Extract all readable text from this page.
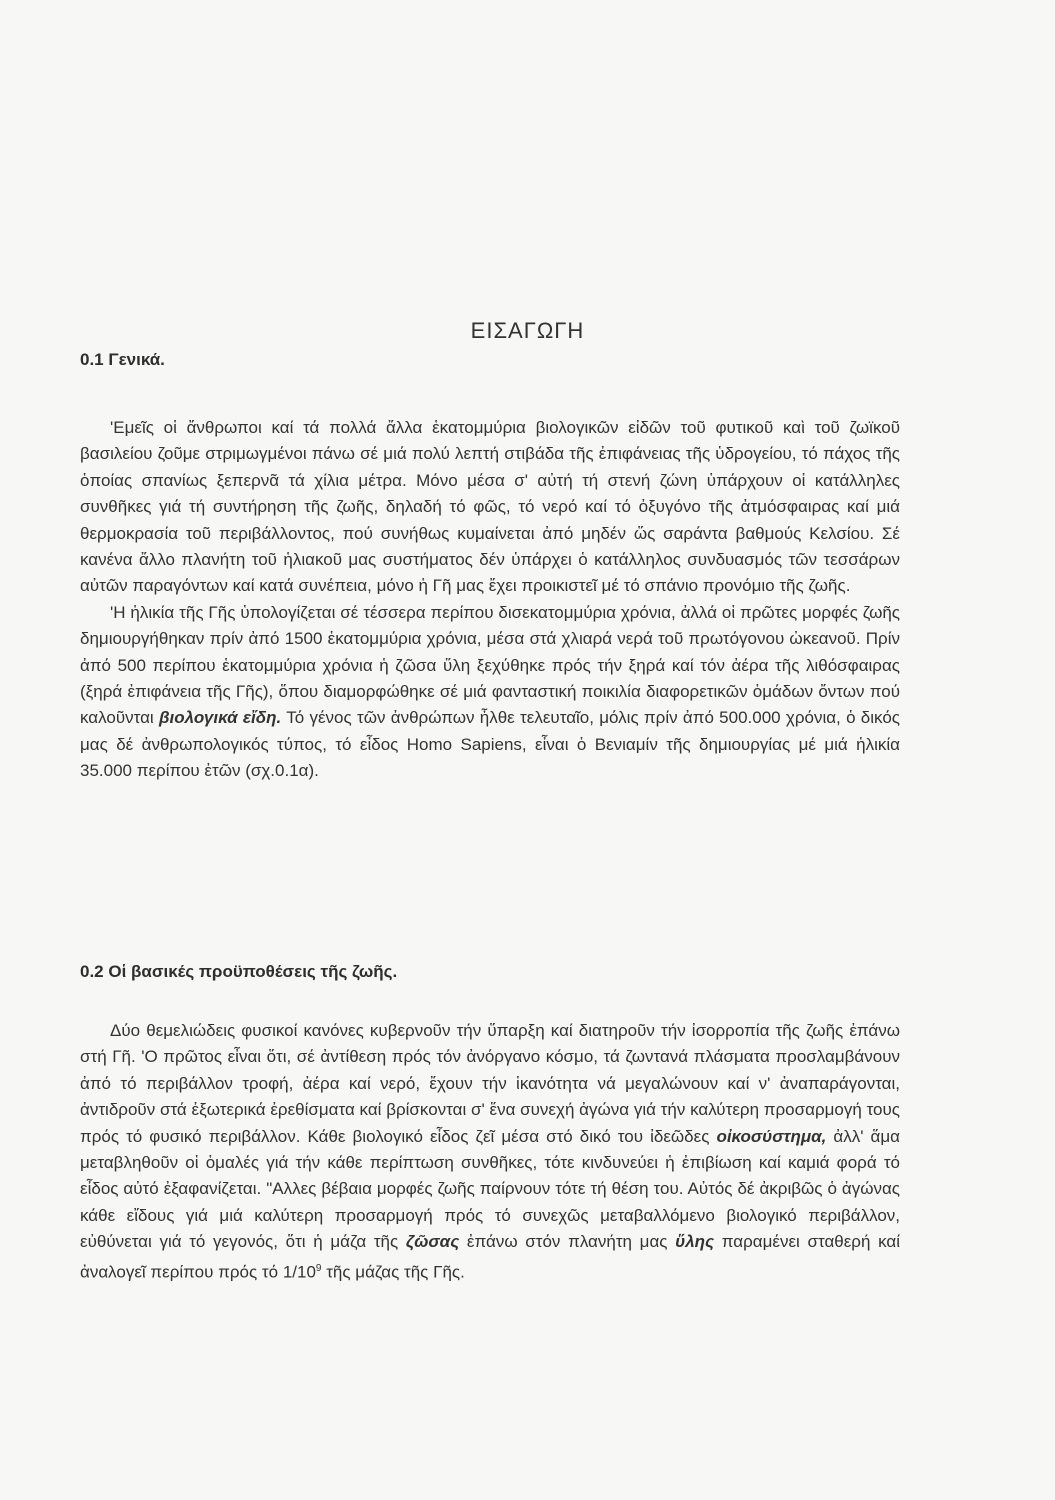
ΕΙΣΑΓΩΓΗ
0.1 Γενικά.

'Εμεῖς οἱ ἄνθρωποι καί τά πολλά ἄλλα ἑκατομμύρια βιολογικῶν εἰδῶν τοῦ φυτικοῦ καὶ τοῦ ζωϊκοῦ βασιλείου ζοῦμε στριμωγμένοι πάνω σέ μιά πολύ λεπτή στιβάδα τῆς ἐπιφάνειας τῆς ὑδρογείου, τό πάχος τῆς ὁποίας σπανίως ξεπερνᾶ τά χίλια μέτρα. Μόνο μέσα σ' αὐτή τή στενή ζώνη ὑπάρχουν οἱ κατάλληλες συνθῆκες γιά τή συντήρηση τῆς ζωῆς, δηλαδή τό φῶς, τό νερό καί τό ὀξυγόνο τῆς ἀτμόσφαιρας καί μιά θερμοκρασία τοῦ περιβάλλοντος, πού συνήθως κυμαίνεται ἀπό μηδέν ὥς σαράντα βαθμούς Κελσίου. Σέ κανένα ἄλλο πλανήτη τοῦ ἡλιακοῦ μας συστήματος δέν ὑπάρχει ὁ κατάλληλος συνδυασμός τῶν τεσσάρων αὐτῶν παραγόντων καί κατά συνέπεια, μόνο ἡ Γῆ μας ἔχει προικιστεῖ μέ τό σπάνιο προνόμιο τῆς ζωῆς.

'Η ἡλικία τῆς Γῆς ὑπολογίζεται σέ τέσσερα περίπου δισεκατομμύρια χρόνια, ἀλλά οἱ πρῶτες μορφές ζωῆς δημιουργήθηκαν πρίν ἀπό 1500 ἑκατομμύρια χρόνια, μέσα στά χλιαρά νερά τοῦ πρωτόγονου ὠκεανοῦ. Πρίν ἀπό 500 περίπου ἑκατομμύρια χρόνια ἡ ζῶσα ὕλη ξεχύθηκε πρός τήν ξηρά καί τόν ἀέρα τῆς λιθόσφαιρας (ξηρά ἐπιφάνεια τῆς Γῆς), ὅπου διαμορφώθηκε σέ μιά φανταστική ποικιλία διαφορετικῶν ὁμάδων ὄντων πού καλοῦνται βιολογικά εἴδη. Τό γένος τῶν ἀνθρώπων ἦλθε τελευταῖο, μόλις πρίν ἀπό 500.000 χρόνια, ὁ δικός μας δέ ἀνθρωπολογικός τύπος, τό εἶδος Homo Sapiens, εἶναι ὁ Βενιαμίν τῆς δημιουργίας μέ μιά ἡλικία 35.000 περίπου ἐτῶν (σχ.0.1α).

0.2 Οἱ βασικές προϋποθέσεις τῆς ζωῆς.

Δύο θεμελιώδεις φυσικοί κανόνες κυβερνοῦν τήν ὕπαρξη καί διατηροῦν τήν ἰσορροπία τῆς ζωῆς ἐπάνω στή Γῆ. 'Ο πρῶτος εἶναι ὅτι, σέ ἀντίθεση πρός τόν ἀνόργανο κόσμο, τά ζωντανά πλάσματα προσλαμβάνουν ἀπό τό περιβάλλον τροφή, ἀέρα καί νερό, ἔχουν τήν ἱκανότητα νά μεγαλώνουν καί ν' ἀναπαράγονται, ἀντιδροῦν στά ἐξωτερικά ἐρεθίσματα καί βρίσκονται σ' ἕνα συνεχή ἀγώνα γιά τήν καλύτερη προσαρμογή τους πρός τό φυσικό περιβάλλον. Κάθε βιολογικό εἶδος ζεῖ μέσα στό δικό του ἰδεῶδες οἰκοσύστημα, ἀλλ' ἅμα μεταβληθοῦν οἱ ὁμαλές γιά τήν κάθε περίπτωση συνθῆκες, τότε κινδυνεύει ἡ ἐπιβίωση καί καμιά φορά τό εἶδος αὐτό ἐξαφανίζεται. "Αλλες βέβαια μορφές ζωῆς παίρνουν τότε τή θέση του. Αὐτός δέ ἀκριβῶς ὁ ἀγώνας κάθε εἴδους γιά μιά καλύτερη προσαρμογή πρός τό συνεχῶς μεταβαλλόμενο βιολογικό περιβάλλον, εὐθύνεται γιά τό γεγονός, ὅτι ἡ μάζα τῆς ζῶσας ἐπάνω στόν πλανήτη μας ὕλης παραμένει σταθερή καί ἀναλογεῖ περίπου πρός τό $1/10^9$ τῆς μάζας τῆς Γῆς.
